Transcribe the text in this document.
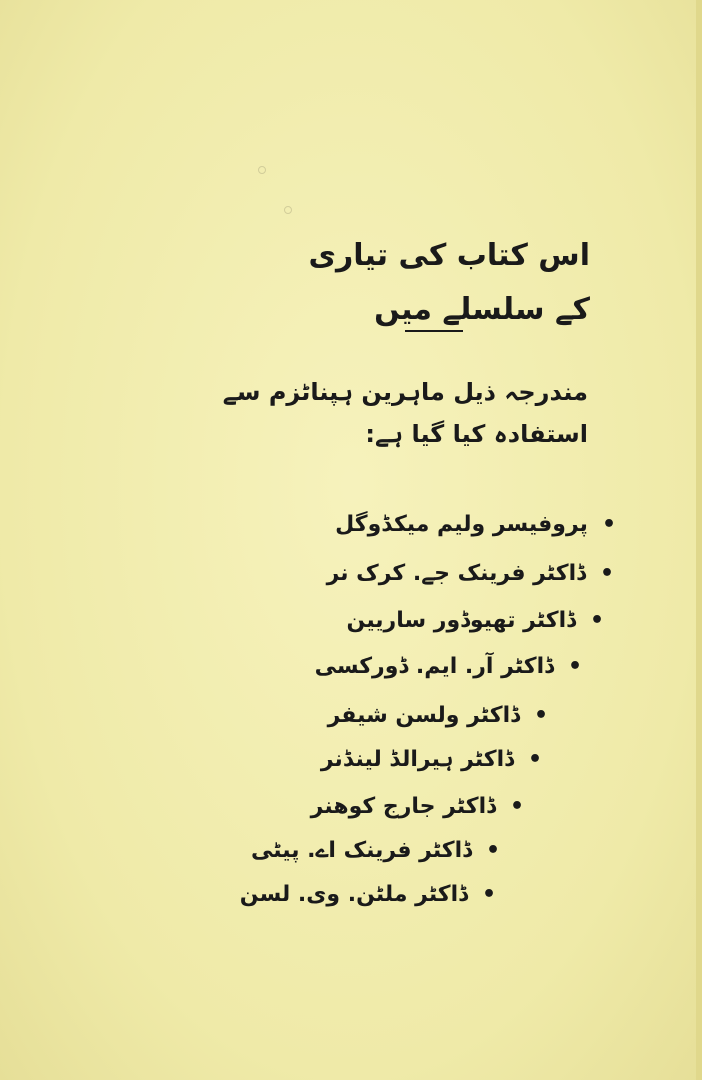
اس کتاب کی تیاری
کے سلسلے میں
مندرجہ ذیل ماہرین ہپناٹزم سے
استفادہ کیا گیا ہے:
•
پروفیسر ولیم میکڈوگل
•
ڈاکٹر فرینک جے. کرک نر
•
ڈاکٹر تھیوڈور ساریین
•
ڈاکٹر آر. ایم. ڈورکسی
•
ڈاکٹر ولسن شیفر
•
ڈاکٹر ہیرالڈ لینڈنر
•
ڈاکٹر جارج کوھنر
•
ڈاکٹر فرینک اے. پیٹی
•
ڈاکٹر ملٹن. وی. لسن
